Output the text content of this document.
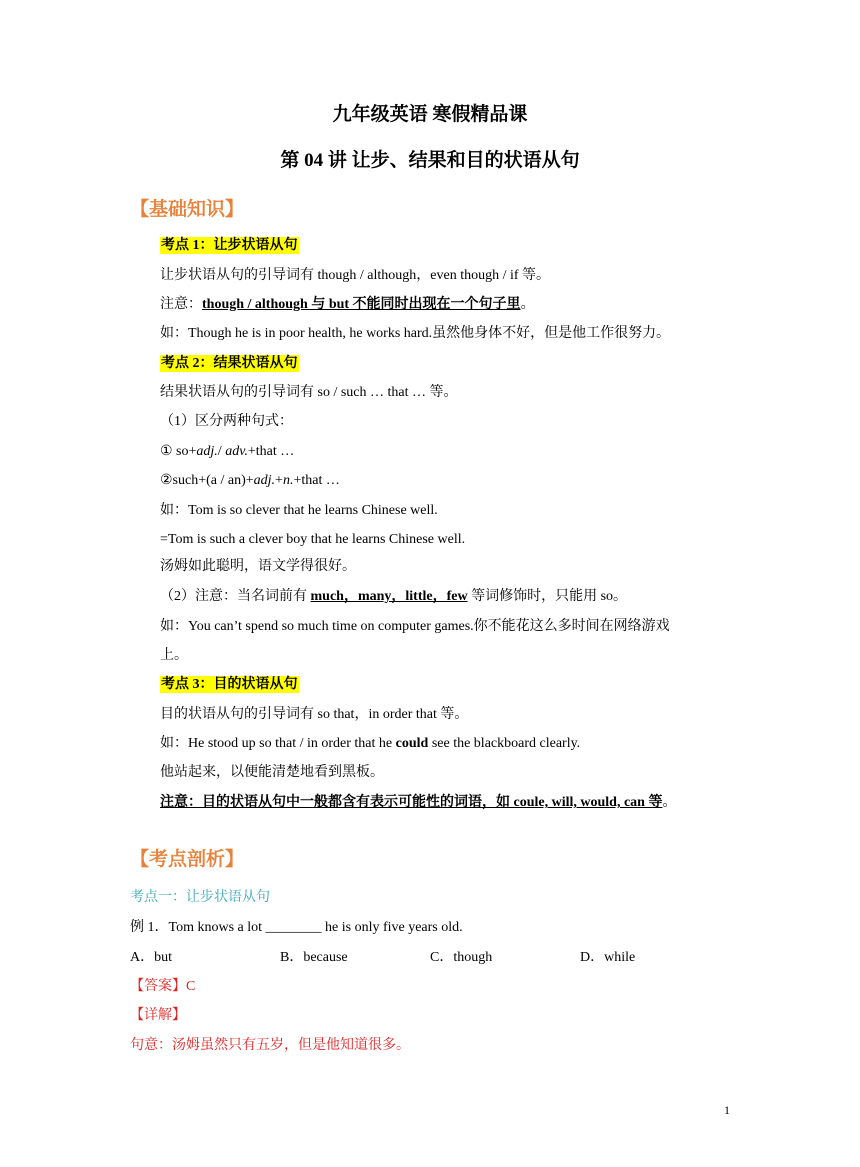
九年级英语 寒假精品课
第 04 讲 让步、结果和目的状语从句
【基础知识】
考点 1：让步状语从句
让步状语从句的引导词有 though / although，even though / if 等。
注意：though / although 与 but 不能同时出现在一个句子里。
如：Though he is in poor health, he works hard.虽然他身体不好，但是他工作很努力。
考点 2：结果状语从句
结果状语从句的引导词有 so / such … that … 等。
（1）区分两种句式：
① so+adj./ adv.+that …
②such+(a / an)+adj.+n.+that …
如：Tom is so clever that he learns Chinese well.
=Tom is such a clever boy that he learns Chinese well.
汤姆如此聪明，语文学得很好。
（2）注意：当名词前有 much，many，little，few 等词修饰时，只能用 so。
如：You can’t spend so much time on computer games.你不能花这么多时间在网络游戏
上。
考点 3：目的状语从句
目的状语从句的引导词有 so that，in order that 等。
如：He stood up so that / in order that he could see the blackboard clearly.
他站起来，以便能清楚地看到黑板。
注意：目的状语从句中一般都含有表示可能性的词语，如 coule, will, would, can 等。
【考点剖析】
考点一：让步状语从句
例 1．Tom knows a lot ________ he is only five years old.
A．but	B．because	C．though	D．while
【答案】C
【详解】
句意：汤姆虽然只有五岁，但是他知道很多。
1
